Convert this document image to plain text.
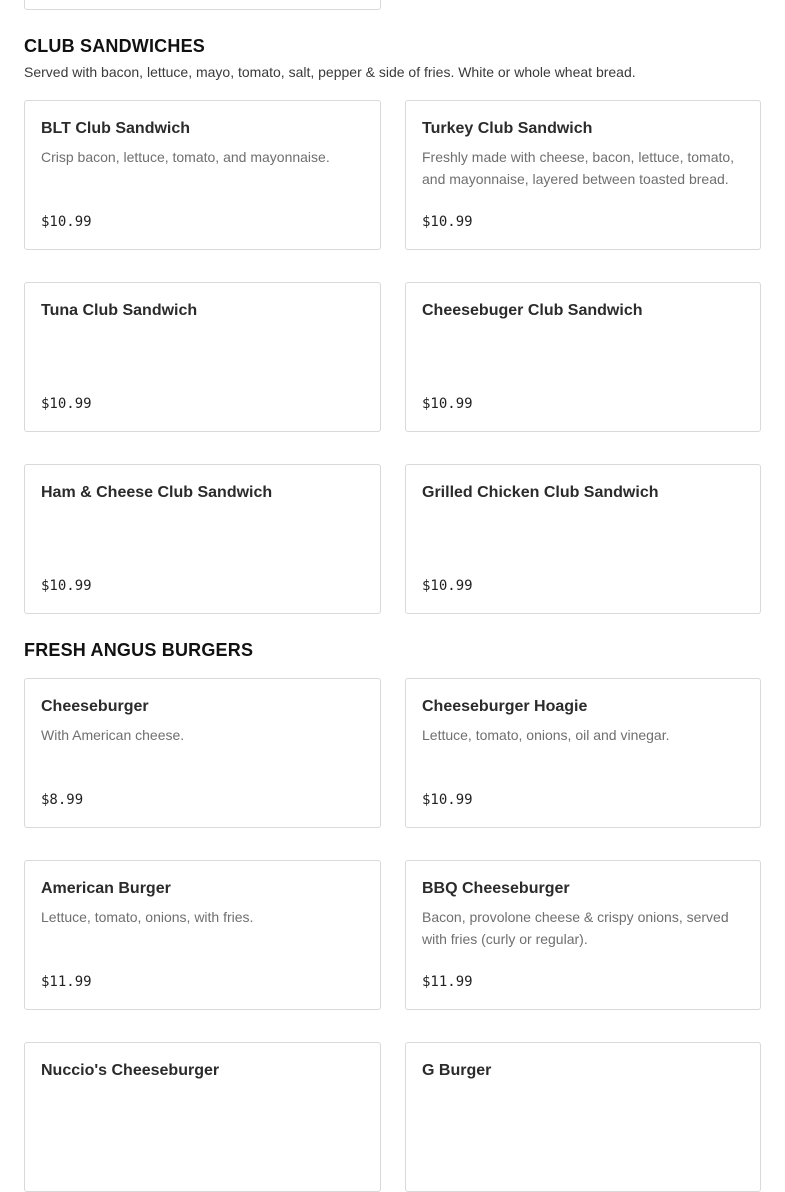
CLUB SANDWICHES
Served with bacon, lettuce, mayo, tomato, salt, pepper & side of fries. White or whole wheat bread.
BLT Club Sandwich
Crisp bacon, lettuce, tomato, and mayonnaise.
$10.99
Turkey Club Sandwich
Freshly made with cheese, bacon, lettuce, tomato, and mayonnaise, layered between toasted bread.
$10.99
Tuna Club Sandwich
$10.99
Cheesebuger Club Sandwich
$10.99
Ham & Cheese Club Sandwich
$10.99
Grilled Chicken Club Sandwich
$10.99
FRESH ANGUS BURGERS
Cheeseburger
With American cheese.
$8.99
Cheeseburger Hoagie
Lettuce, tomato, onions, oil and vinegar.
$10.99
American Burger
Lettuce, tomato, onions, with fries.
$11.99
BBQ Cheeseburger
Bacon, provolone cheese & crispy onions, served with fries (curly or regular).
$11.99
Nuccio's Cheeseburger	G Burger
